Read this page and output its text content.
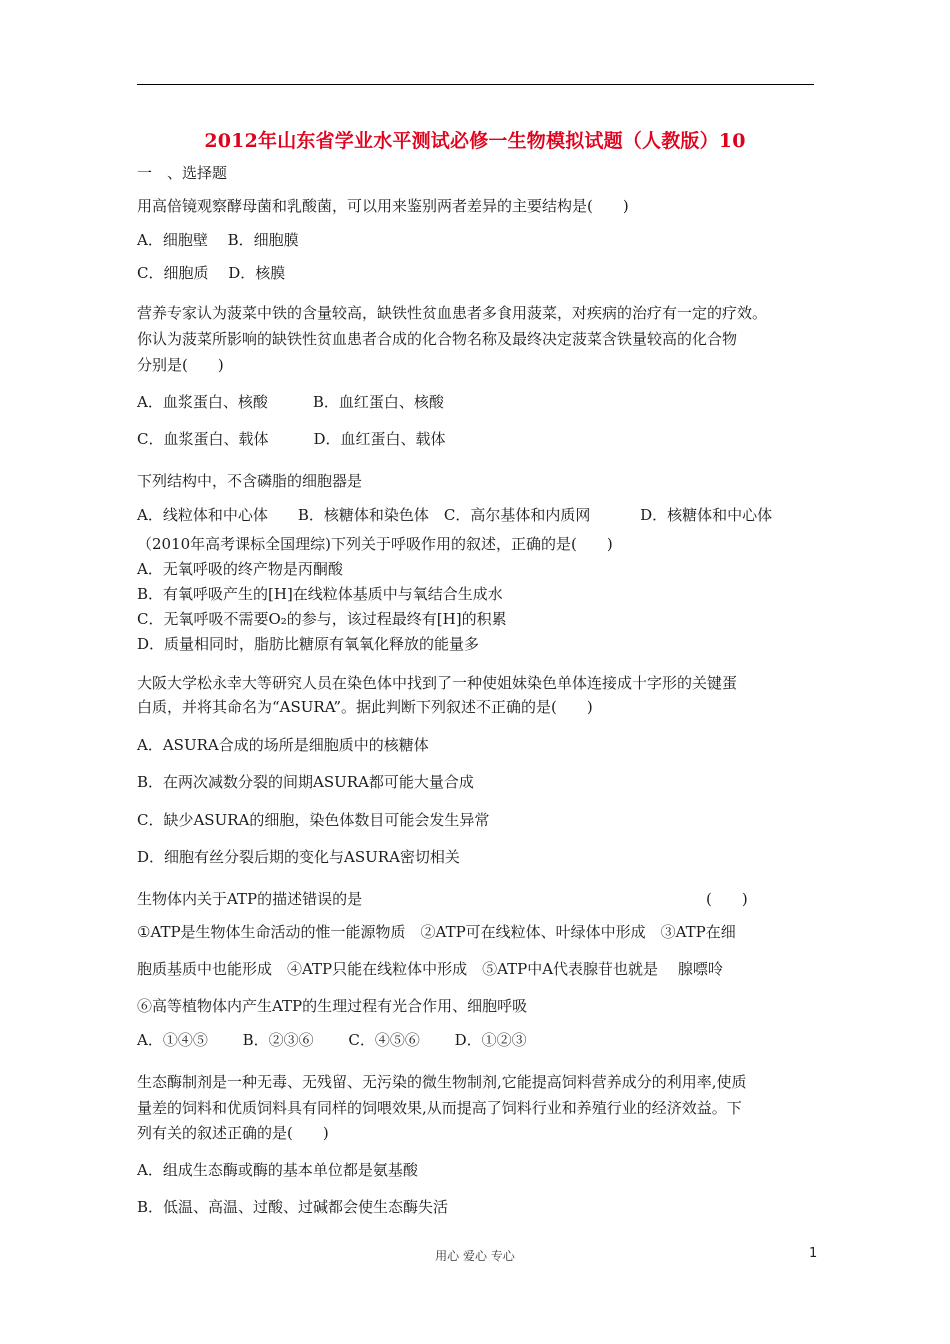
2012年山东省学业水平测试必修一生物模拟试题（人教版）10
一　、选择题
用高倍镜观察酵母菌和乳酸菌，可以用来鉴别两者差异的主要结构是(　　)
A．细胞壁　 B．细胞膜
C．细胞质　 D．核膜
营养专家认为菠菜中铁的含量较高，缺铁性贫血患者多食用菠菜，对疾病的治疗有一定的疗效。
你认为菠菜所影响的缺铁性贫血患者合成的化合物名称及最终决定菠菜含铁量较高的化合物
分别是(　　)
A．血浆蛋白、核酸　　　B．血红蛋白、核酸
C．血浆蛋白、载体　　　D．血红蛋白、载体
下列结构中，不含磷脂的细胞器是
A．线粒体和中心体　　B．核糖体和染色体　C．高尔基体和内质网　　　 D．核糖体和中心体
（2010年高考课标全国理综)下列关于呼吸作用的叙述，正确的是(　　)
A．无氧呼吸的终产物是丙酮酸
B．有氧呼吸产生的[H]在线粒体基质中与氧结合生成水
C．无氧呼吸不需要O₂的参与，该过程最终有[H]的积累
D．质量相同时，脂肪比糖原有氧氧化释放的能量多
大阪大学松永幸大等研究人员在染色体中找到了一种使姐妹染色单体连接成十字形的关键蛋
白质，并将其命名为“ASURA”。据此判断下列叙述不正确的是(　　)
A．ASURA合成的场所是细胞质中的核糖体
B．在两次减数分裂的间期ASURA都可能大量合成
C．缺少ASURA的细胞，染色体数目可能会发生异常
D．细胞有丝分裂后期的变化与ASURA密切相关
生物体内关于ATP的描述错误的是	(　　)
①ATP是生物体生命活动的惟一能源物质　②ATP可在线粒体、叶绿体中形成　③ATP在细
胞质基质中也能形成　④ATP只能在线粒体中形成　⑤ATP中A代表腺苷也就是　 腺嘌呤
⑥高等植物体内产生ATP的生理过程有光合作用、细胞呼吸
A．①④⑤　　 B．②③⑥　　 C．④⑤⑥　　 D．①②③
生态酶制剂是一种无毒、无残留、无污染的微生物制剂,它能提高饲料营养成分的利用率,使质
量差的饲料和优质饲料具有同样的饲喂效果,从而提高了饲料行业和养殖行业的经济效益。下
列有关的叙述正确的是(　　)
A．组成生态酶或酶的基本单位都是氨基酸
B．低温、高温、过酸、过碱都会使生态酶失活
用心 爱心 专心	1
